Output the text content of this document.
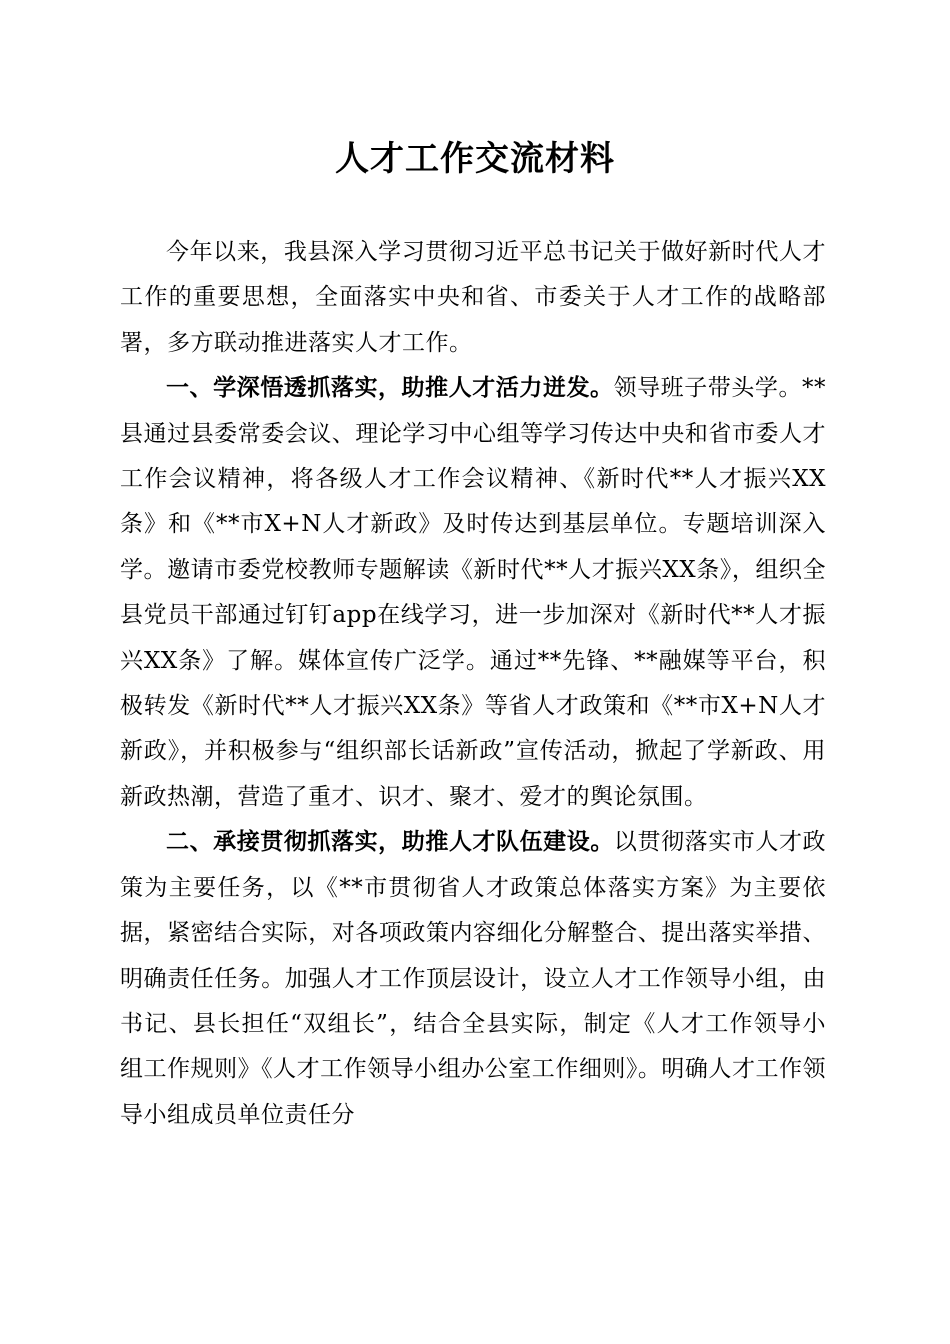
人才工作交流材料

今年以来，我县深入学习贯彻习近平总书记关于做好新时代人才工作的重要思想，全面落实中央和省、市委关于人才工作的战略部署，多方联动推进落实人才工作。

一、学深悟透抓落实，助推人才活力迸发。领导班子带头学。**县通过县委常委会议、理论学习中心组等学习传达中央和省市委人才工作会议精神，将各级人才工作会议精神、《新时代**人才振兴XX条》和《**市X+N人才新政》及时传达到基层单位。专题培训深入学。邀请市委党校教师专题解读《新时代**人才振兴XX条》，组织全县党员干部通过钉钉app在线学习，进一步加深对《新时代**人才振兴XX条》了解。媒体宣传广泛学。通过**先锋、**融媒等平台，积极转发《新时代**人才振兴XX条》等省人才政策和《**市X+N人才新政》，并积极参与“组织部长话新政”宣传活动，掀起了学新政、用新政热潮，营造了重才、识才、聚才、爱才的舆论氛围。

二、承接贯彻抓落实，助推人才队伍建设。以贯彻落实市人才政策为主要任务，以《**市贯彻省人才政策总体落实方案》为主要依据，紧密结合实际，对各项政策内容细化分解整合、提出落实举措、明确责任任务。加强人才工作顶层设计，设立人才工作领导小组，由书记、县长担任“双组长”，结合全县实际，制定《人才工作领导小组工作规则》《人才工作领导小组办公室工作细则》。明确人才工作领导小组成员单位责任分
